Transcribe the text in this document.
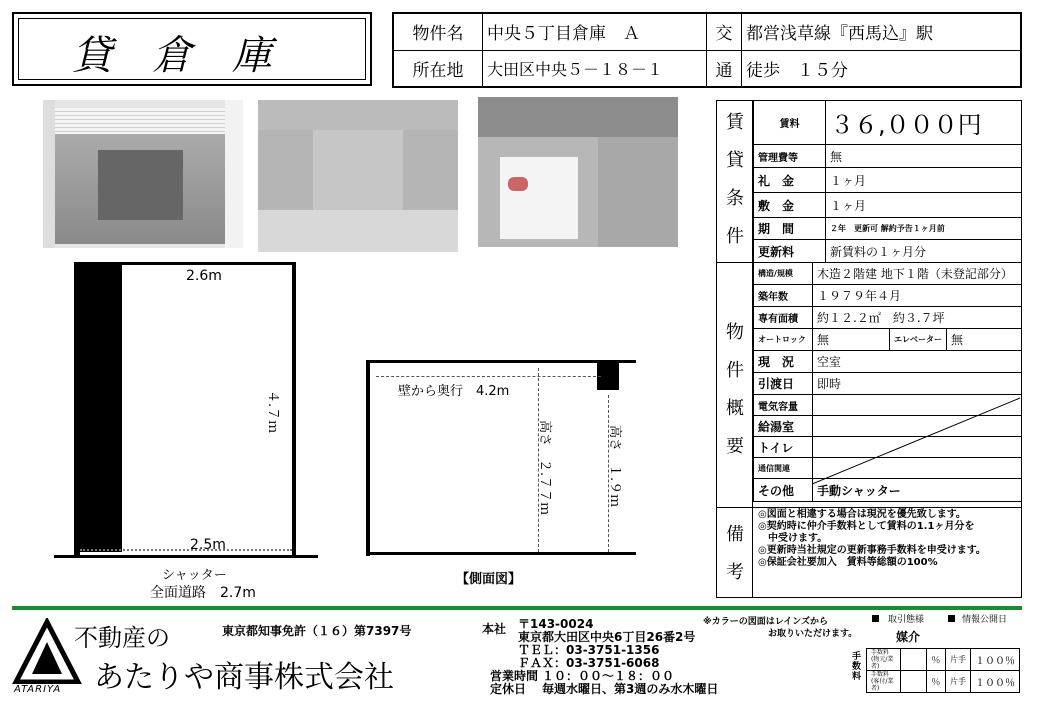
貸倉庫	物件名	中央５丁目倉庫　Ａ	交	都営浅草線『西馬込』駅
所在地	大田区中央５－１８－１	通	徒歩　１５分
2.6m
４.７ｍ
2.5m
シャッター
全面道路　2.7m
壁から奥行　4.2m
高さ　２.７７ｍ	高さ　１.９ｍ
【側面図】
賃
貸
条
件
賃料	３６,０００円
管理費等	無
礼　金	１ヶ月
敷　金	１ヶ月
期　間	２年　更新可 解約予告１ヶ月前
更新料	新賃料の１ヶ月分
物
件
概
要
構造/規模	木造２階建 地下１階（未登記部分）		
築年数	１９７９年４月		
専有面積	約１２.２㎡　約３.７坪		
オートロック	無	エレベーター	無
現　況	空室		
引渡日	即時		
電気容量			
給湯室			
トイレ			
通信関連			
その他	手動シャッター		
備
考
◎図面と相違する場合は現況を優先致します。
◎契約時に仲介手数料として賃料の1.1ヶ月分を
　中受けます。
◎更新時当社規定の更新事務手数料を申受けます。
◎保証会社要加入　賃料等総額の100%
ATARIYA
不動産の
あたりや商事株式会社
東京都知事免許（１６）第7397号	本社 〒143-0024
東京都大田区中央6丁目26番2号
ＴＥＬ：03-3751-1356
ＦＡＸ：03-3751-6068
営業時間
定休日
１０：００～１８：００
毎週水曜日、第3週のみ水木曜日
※カラーの図面はレインズから
お取りいただけます。
取引態様	情報公開日
媒介
手数料
手数料 (物元/業者)		％	片手	１００％
手数料 (客付/業者)		％	片手	１００％
